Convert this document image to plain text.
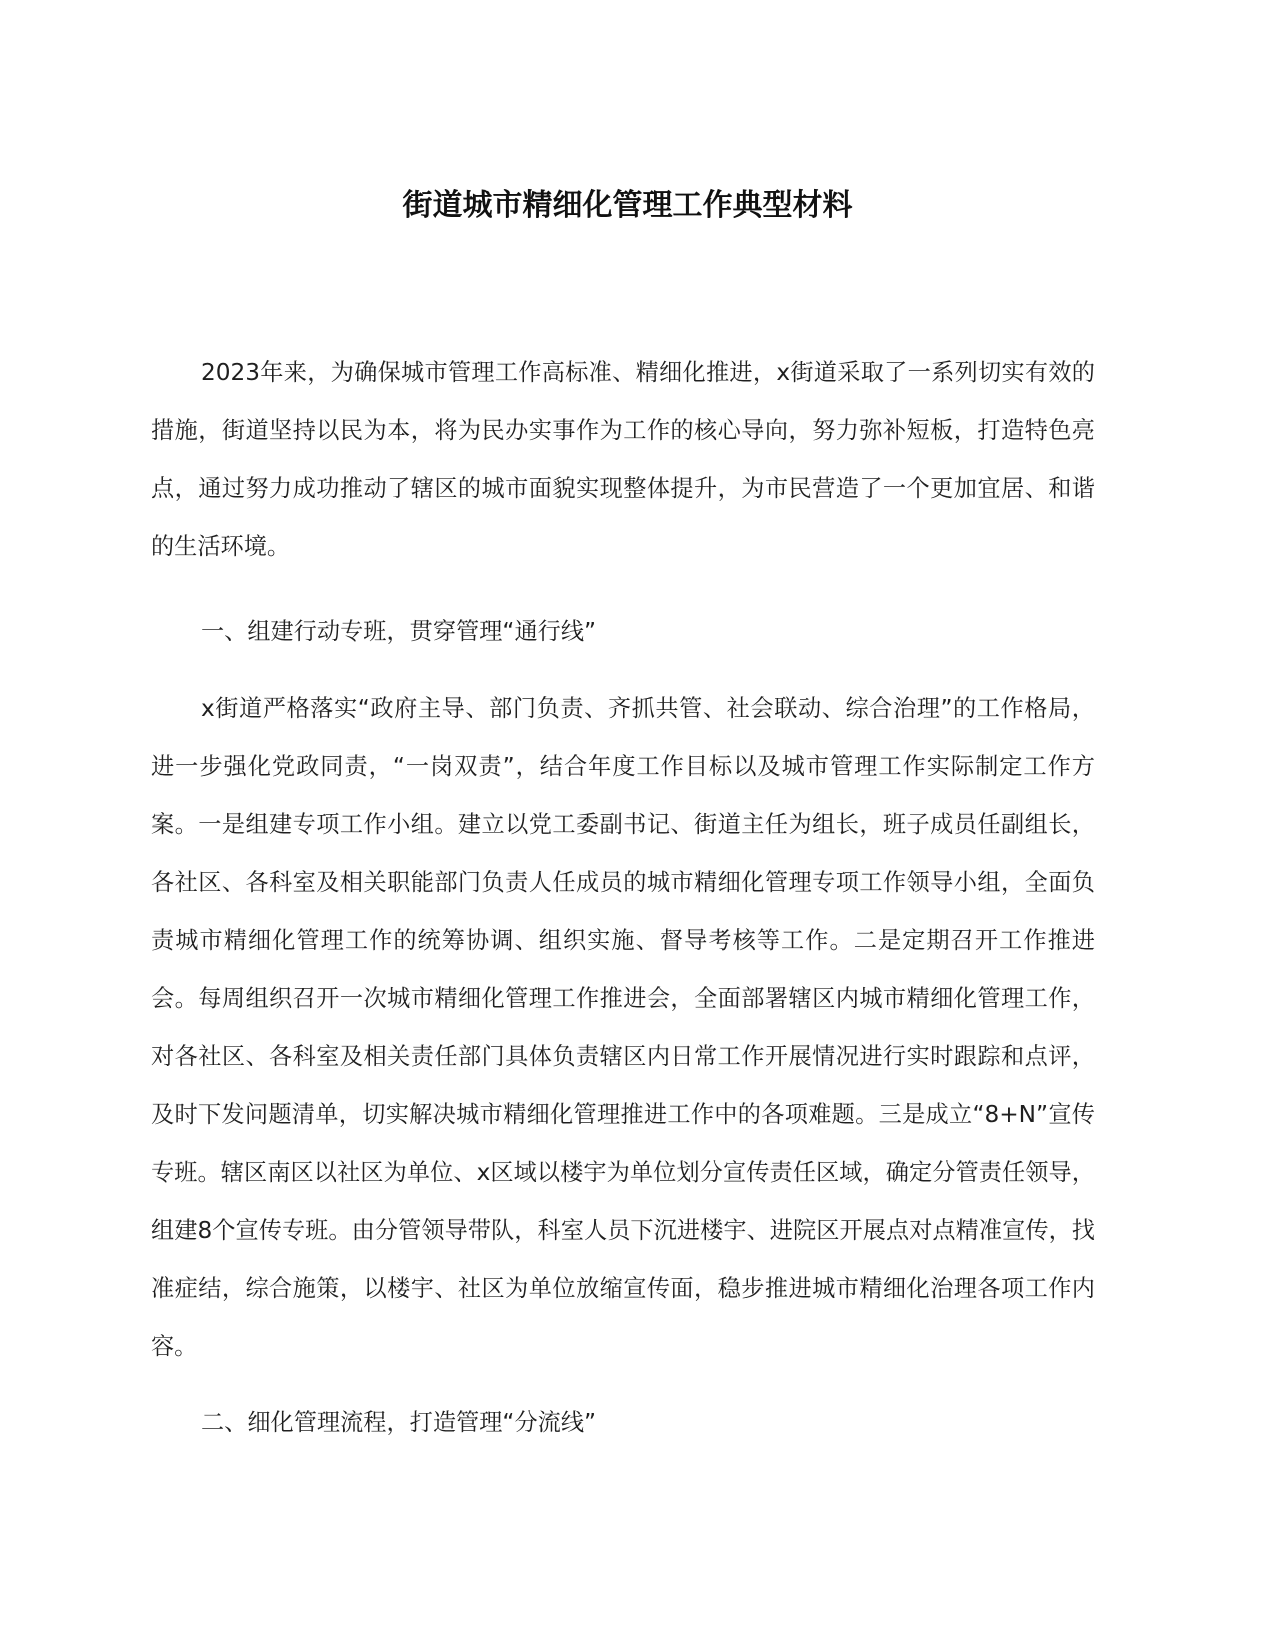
街道城市精细化管理工作典型材料
2023年来，为确保城市管理工作高标准、精细化推进，x街道采取了一系列切实有效的措施，街道坚持以民为本，将为民办实事作为工作的核心导向，努力弥补短板，打造特色亮点，通过努力成功推动了辖区的城市面貌实现整体提升，为市民营造了一个更加宜居、和谐的生活环境。
一、组建行动专班，贯穿管理“通行线”
x街道严格落实“政府主导、部门负责、齐抓共管、社会联动、综合治理”的工作格局，进一步强化党政同责，“一岗双责”，结合年度工作目标以及城市管理工作实际制定工作方案。一是组建专项工作小组。建立以党工委副书记、街道主任为组长，班子成员任副组长，各社区、各科室及相关职能部门负责人任成员的城市精细化管理专项工作领导小组，全面负责城市精细化管理工作的统筹协调、组织实施、督导考核等工作。二是定期召开工作推进会。每周组织召开一次城市精细化管理工作推进会，全面部署辖区内城市精细化管理工作，对各社区、各科室及相关责任部门具体负责辖区内日常工作开展情况进行实时跟踪和点评，及时下发问题清单，切实解决城市精细化管理推进工作中的各项难题。三是成立“8+N”宣传专班。辖区南区以社区为单位、x区域以楼宇为单位划分宣传责任区域，确定分管责任领导，组建8个宣传专班。由分管领导带队，科室人员下沉进楼宇、进院区开展点对点精准宣传，找准症结，综合施策，以楼宇、社区为单位放缩宣传面，稳步推进城市精细化治理各项工作内容。
二、细化管理流程，打造管理“分流线”
